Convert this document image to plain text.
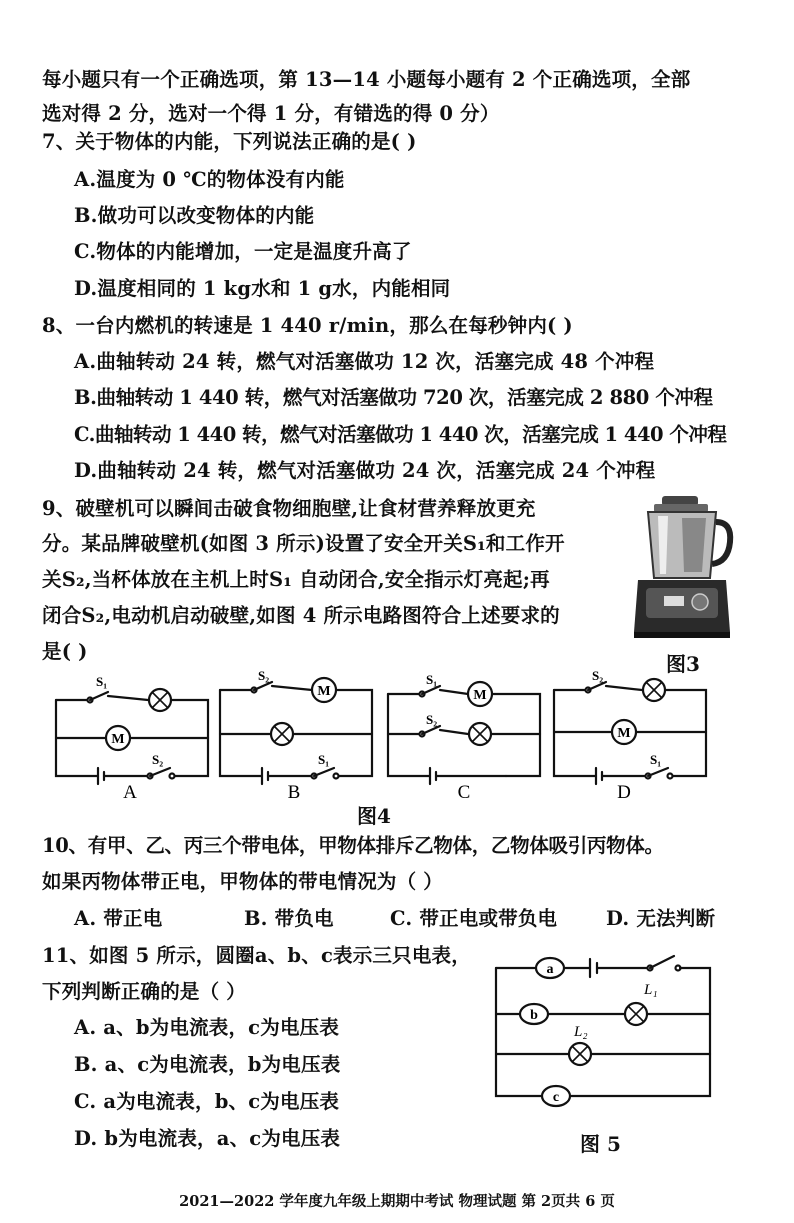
每小题只有一个正确选项，第 13—14 小题每小题有 2 个正确选项，全部
选对得 2 分，选对一个得 1 分，有错选的得 0 分）
7、关于物体的内能，下列说法正确的是( )
A.温度为 0 ℃的物体没有内能
B.做功可以改变物体的内能
C.物体的内能增加，一定是温度升高了
D.温度相同的 1 kg水和 1 g水，内能相同
8、一台内燃机的转速是 1 440 r/min，那么在每秒钟内( )
A.曲轴转动 24 转，燃气对活塞做功 12 次，活塞完成 48 个冲程
B.曲轴转动 1 440 转，燃气对活塞做功 720 次，活塞完成 2 880 个冲程
C.曲轴转动 1 440 转，燃气对活塞做功 1 440 次，活塞完成 1 440 个冲程
D.曲轴转动 24 转，燃气对活塞做功 24 次，活塞完成 24 个冲程
9、破壁机可以瞬间击破食物细胞壁,让食材营养释放更充
分。某品牌破壁机(如图 3 所示)设置了安全开关S₁和工作开
关S₂,当杯体放在主机上时S₁ 自动闭合,安全指示灯亮起;再
闭合S₂,电动机启动破壁,如图 4 所示电路图符合上述要求的
是( )
图3
S₁
M
S₂
A
S₂
M
S₁
B
S₁
M
S₂
C
S₂
M
S₁
D
图4
10、有甲、乙、丙三个带电体，甲物体排斥乙物体，乙物体吸引丙物体。
如果丙物体带正电，甲物体的带电情况为（ ）
A. 带正电	B. 带负电	C. 带正电或带负电 D. 无法判断
11、如图 5 所示，圆圈a、b、c表示三只电表，
下列判断正确的是（ ）
A. a、b为电流表，c为电压表
B. a、c为电流表，b为电压表
C. a为电流表，b、c为电压表
D. b为电流表，a、c为电压表
a
b
L₁
L₂
c
图 5
2021—2022 学年度九年级上期期中考试 物理试题 第 2页共 6 页
